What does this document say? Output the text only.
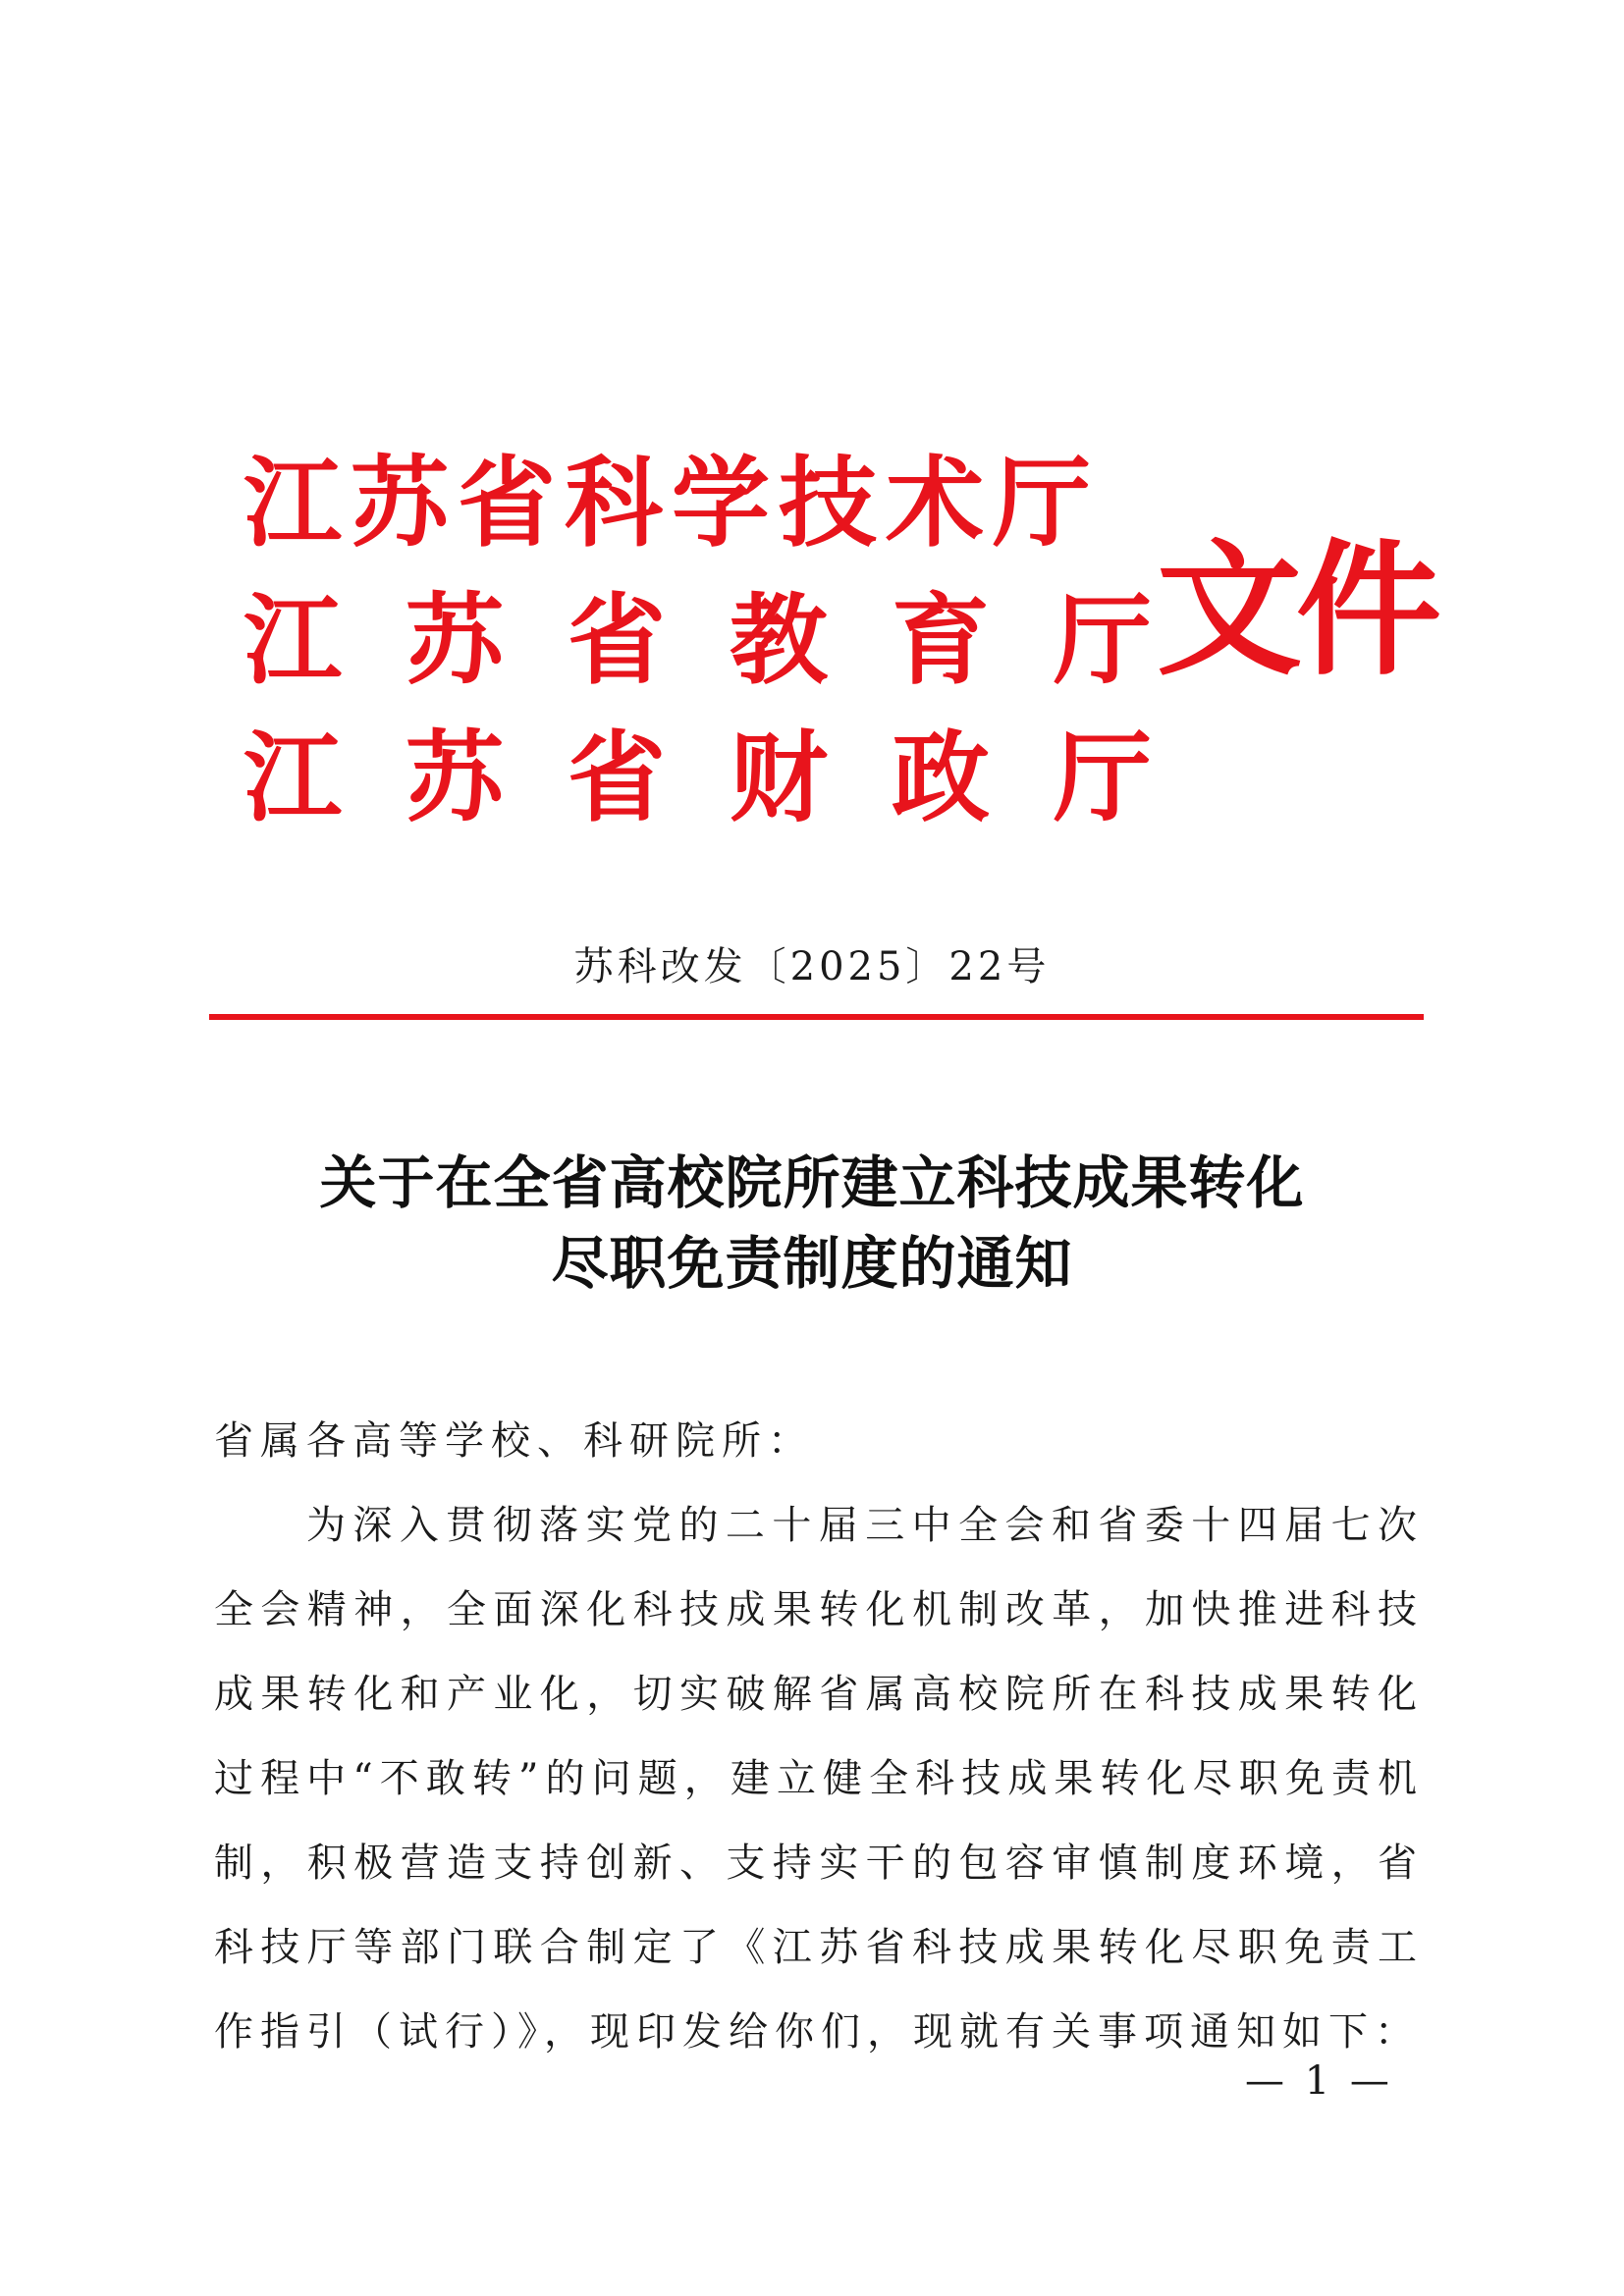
江苏省科学技术厅
江苏省教育厅
江苏省财政厅
文件
苏科改发〔2025〕22号
关于在全省高校院所建立科技成果转化
尽职免责制度的通知
省属各高等学校、科研院所：
为深入贯彻落实党的二十届三中全会和省委十四届七次全会精神，全面深化科技成果转化机制改革，加快推进科技成果转化和产业化，切实破解省属高校院所在科技成果转化过程中“不敢转”的问题，建立健全科技成果转化尽职免责机制，积极营造支持创新、支持实干的包容审慎制度环境，省科技厅等部门联合制定了《江苏省科技成果转化尽职免责工作指引（试行）》，现印发给你们，现就有关事项通知如下：
— 1 —
